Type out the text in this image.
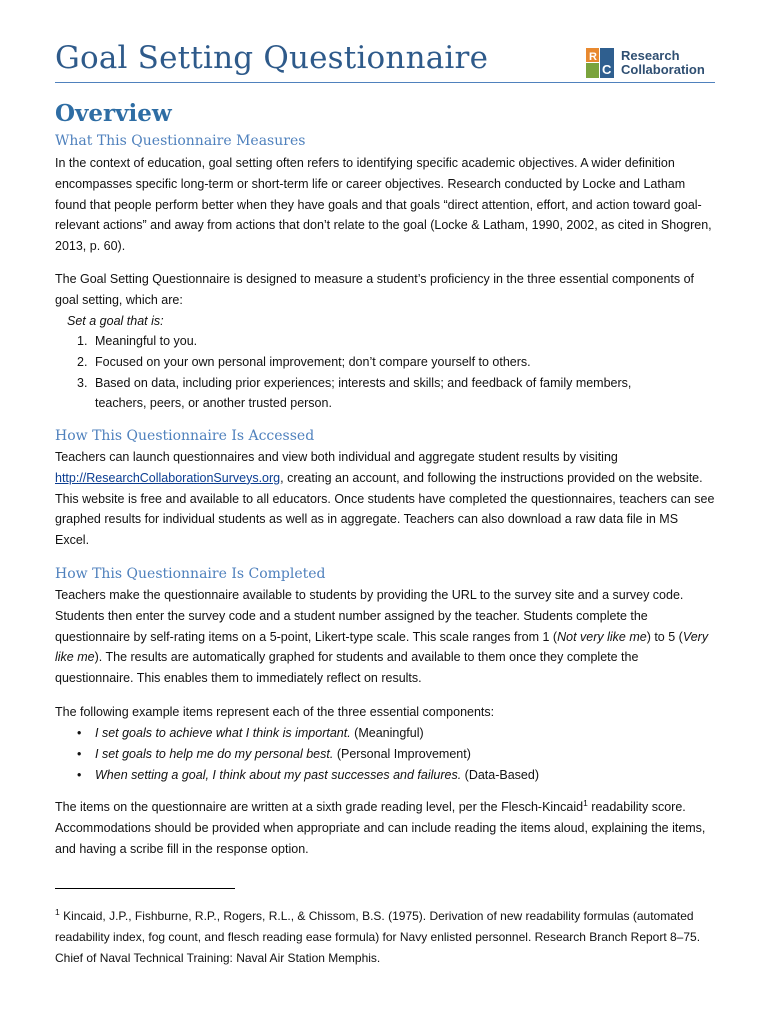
Goal Setting Questionnaire	R
C
Research
Collaboration
Overview
What This Questionnaire Measures

In the context of education, goal setting often refers to identifying specific academic objectives. A wider definition encompasses specific long-term or short-term life or career objectives. Research conducted by Locke and Latham found that people perform better when they have goals and that goals “direct attention, effort, and action toward goal-relevant actions” and away from actions that don’t relate to the goal (Locke & Latham, 1990, 2002, as cited in Shogren, 2013, p. 60).

The Goal Setting Questionnaire is designed to measure a student’s proficiency in the three essential components of goal setting, which are:

Set a goal that is:
1. Meaningful to you.
2. Focused on your own personal improvement; don’t compare yourself to others.
3. Based on data, including prior experiences; interests and skills; and feedback of family members, teachers, peers, or another trusted person.
How This Questionnaire Is Accessed

Teachers can launch questionnaires and view both individual and aggregate student results by visiting http://ResearchCollaborationSurveys.org, creating an account, and following the instructions provided on the website. This website is free and available to all educators. Once students have completed the questionnaires, teachers can see graphed results for individual students as well as in aggregate. Teachers can also download a raw data file in MS Excel.

How This Questionnaire Is Completed

Teachers make the questionnaire available to students by providing the URL to the survey site and a survey code. Students then enter the survey code and a student number assigned by the teacher. Students complete the questionnaire by self-rating items on a 5-point, Likert-type scale. This scale ranges from 1 (Not very like me) to 5 (Very like me). The results are automatically graphed for students and available to them once they complete the questionnaire. This enables them to immediately reflect on results.

The following example items represent each of the three essential components:

• I set goals to achieve what I think is important. (Meaningful)
• I set goals to help me do my personal best. (Personal Improvement)
• When setting a goal, I think about my past successes and failures. (Data-Based)

The items on the questionnaire are written at a sixth grade reading level, per the Flesch-Kincaid$^1$ readability score. Accommodations should be provided when appropriate and can include reading the items aloud, explaining the items, and having a scribe fill in the response option.

$^1$ Kincaid, J.P., Fishburne, R.P., Rogers, R.L., & Chissom, B.S. (1975). Derivation of new readability formulas (automated readability index, fog count, and flesch reading ease formula) for Navy enlisted personnel. Research Branch Report 8–75. Chief of Naval Technical Training: Naval Air Station Memphis.
